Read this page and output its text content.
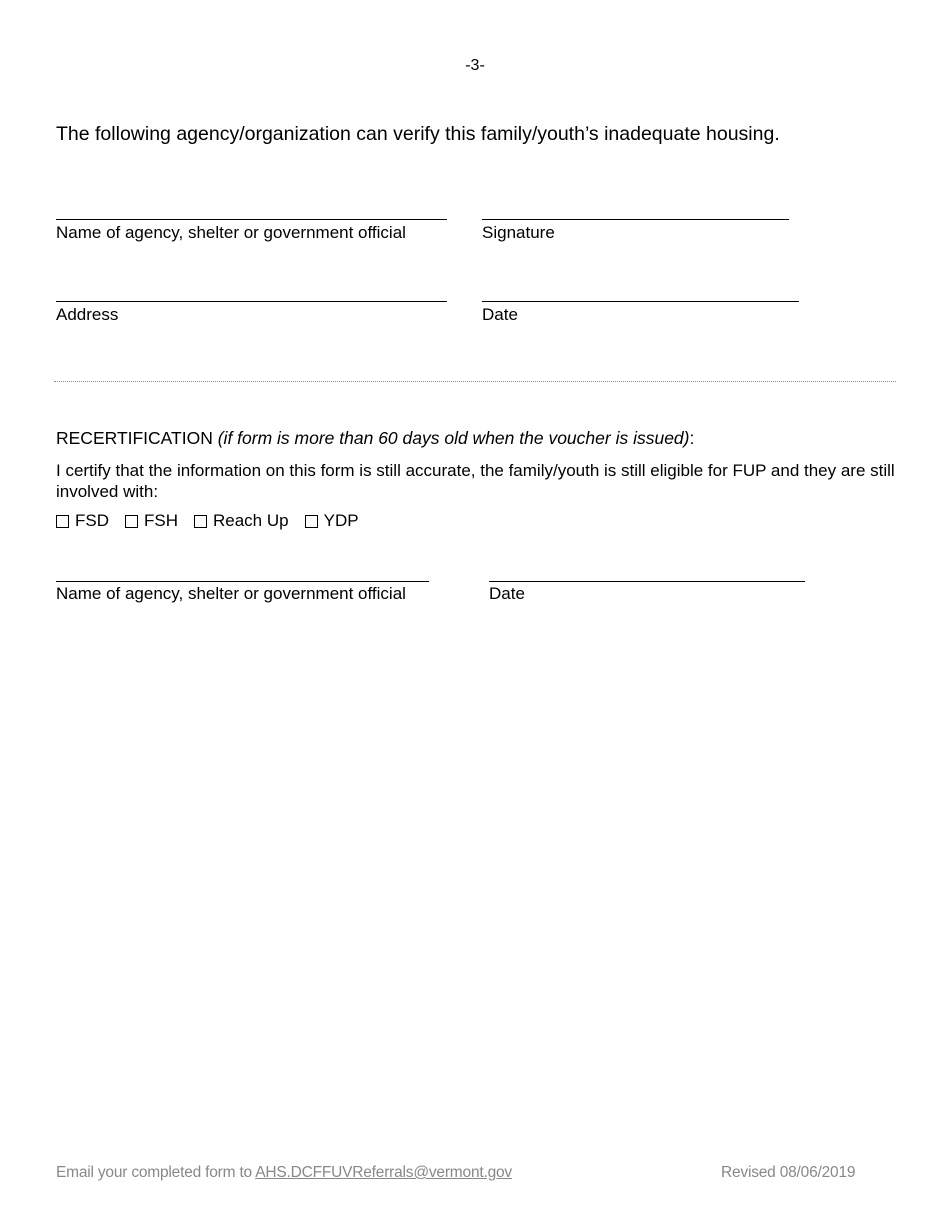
-3-
The following agency/organization can verify this family/youth’s inadequate housing.
Name of agency, shelter or government official	Signature
Address	Date
RECERTIFICATION (if form is more than 60 days old when the voucher is issued):
I certify that the information on this form is still accurate, the family/youth is still eligible for FUP and they are still involved with:
FSD FSH Reach Up YDP
Name of agency, shelter or government official	Date
Email your completed form to AHS.DCFFUVReferrals@vermont.gov	Revised 08/06/2019
